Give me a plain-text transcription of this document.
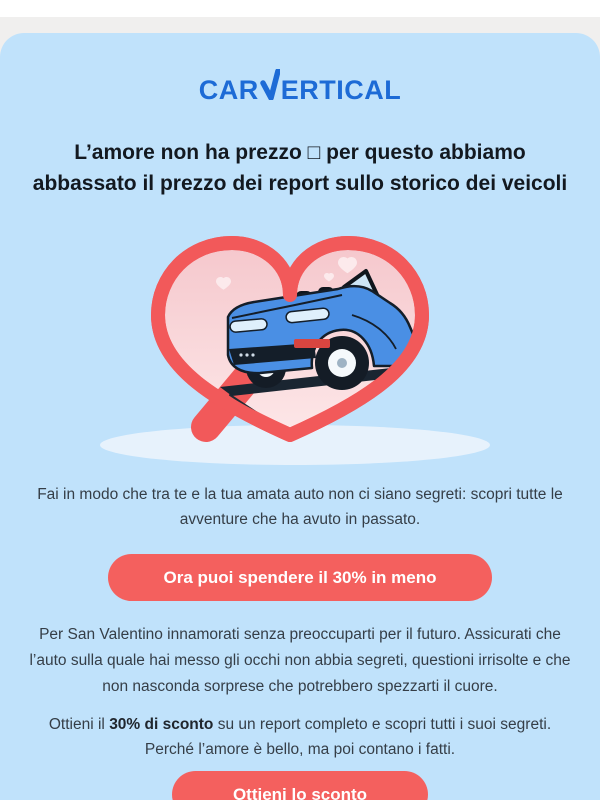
CAR ERTICAL
L’amore non ha prezzo □ per questo abbiamo
abbassato il prezzo dei report sullo storico dei veicoli

Fai in modo che tra te e la tua amata auto non ci siano segreti: scopri tutte le avventure che ha avuto in passato.

Ora puoi spendere il 30% in meno

Per San Valentino innamorati senza preoccuparti per il futuro. Assicurati che l’auto sulla quale hai messo gli occhi non abbia segreti, questioni irrisolte e che non nasconda sorprese che potrebbero spezzarti il cuore.

Ottieni il 30% di sconto su un report completo e scopri tutti i suoi segreti. Perché l’amore è bello, ma poi contano i fatti.

Ottieni lo sconto
